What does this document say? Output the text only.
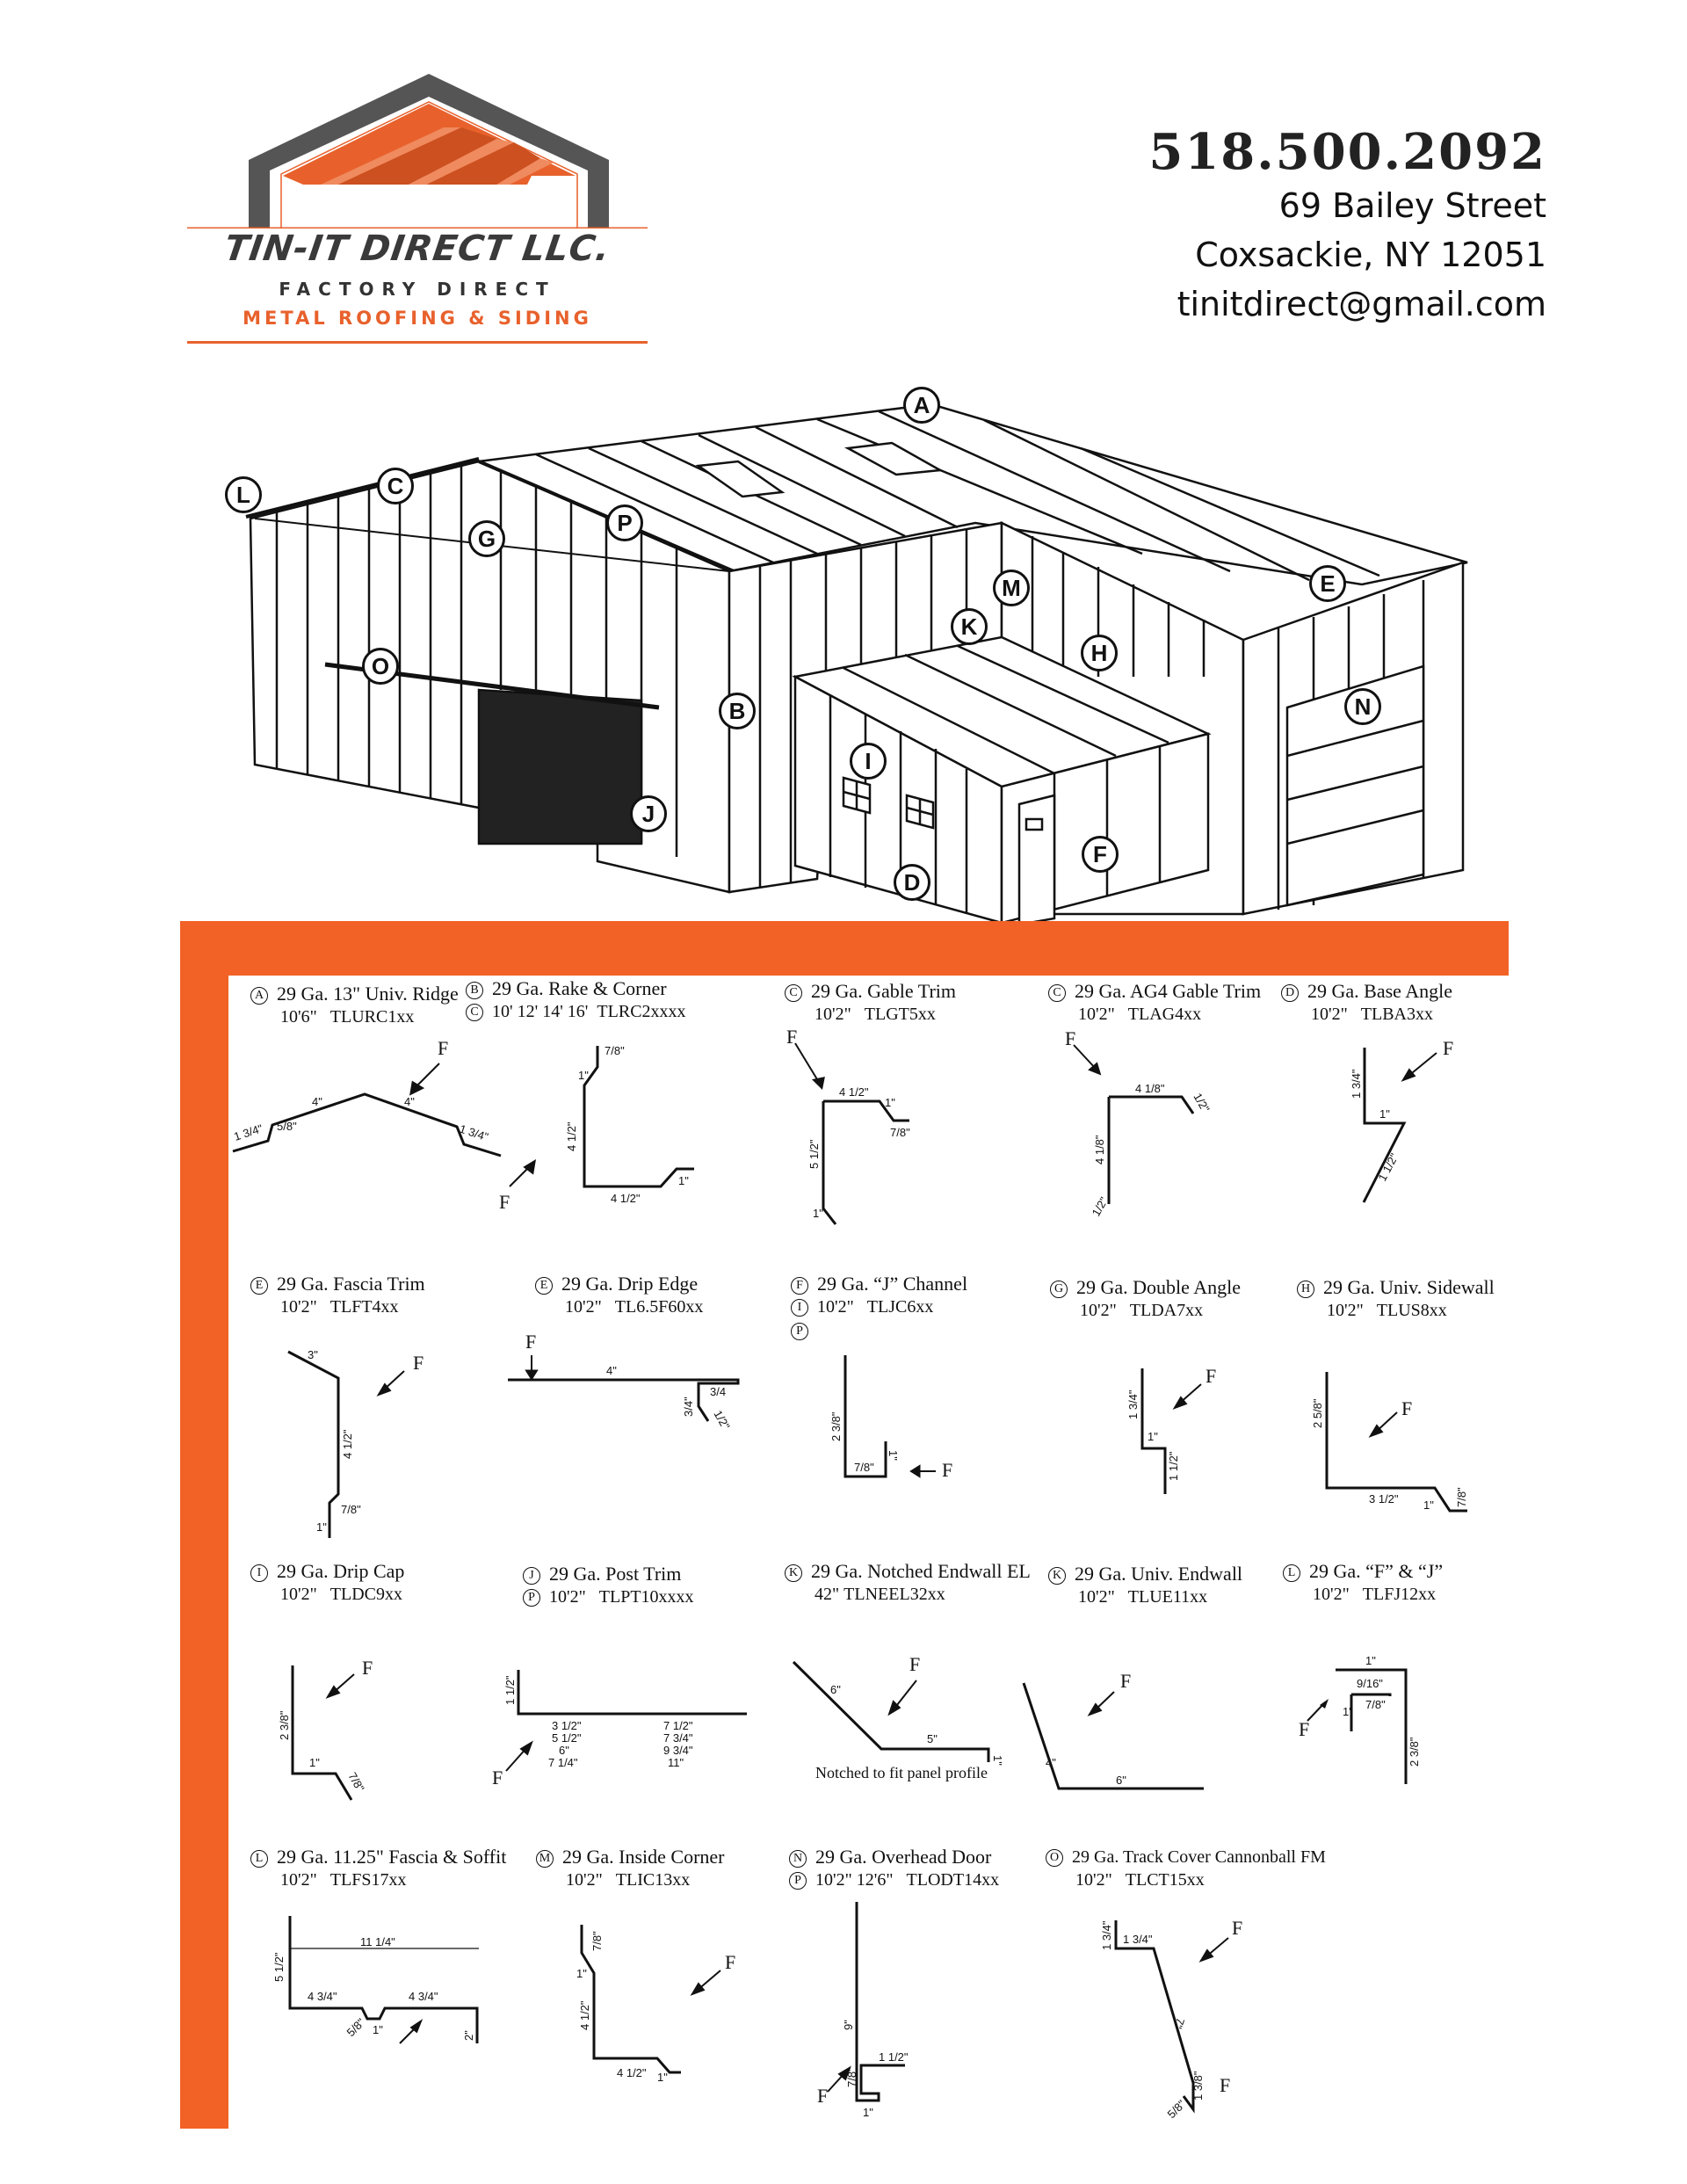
TIN-IT DIRECT LLC.
FACTORY DIRECT
METAL ROOFING & SIDING
518.500.2092
69 Bailey Street
Coxsackie, NY 12051
tinitdirect@gmail.com
A
B
C
D
E
F
G
H
I
J
K
L
M
N
O
P
A 29 Ga. 13" Univ. Ridge
10'6" TLURC1xx
F
4"	4"
1 3/4" 5/8"	1 3/4"
B 29 Ga. Rake & Corner
C 10' 12' 14' 16' TLRC2xxxx
F
7/8"
1"
4 1/2"
4 1/2"
1"
C 29 Ga. Gable Trim
10'2" TLGT5xx
F
4 1/2"
1"
7/8"
5 1/2"
1"
C 29 Ga. AG4 Gable Trim
10'2" TLAG4xx
F
4 1/8"
1/2"
4 1/8"
1/2"
D 29 Ga. Base Angle
10'2" TLBA3xx
F
1 3/4"
1"
1 1/2"
E 29 Ga. Fascia Trim
10'2" TLFT4xx
F
3"
4 1/2"
7/8"
1"
E 29 Ga. Drip Edge
10'2" TL6.5F60xx
F
4"
3/4
3/4"
1/2"
F 29 Ga. “J” Channel
I 10'2" TLJC6xx
P
F
2 3/8"
7/8"
1"
G 29 Ga. Double Angle
10'2" TLDA7xx
F
1 3/4"
1"
1 1/2"
H 29 Ga. Univ. Sidewall
10'2" TLUS8xx
F
2 5/8"
3 1/2" 1" 7/8"
I 29 Ga. Drip Cap
10'2" TLDC9xx
F
2 3/8"
1"
7/8"
J 29 Ga. Post Trim
P 10'2" TLPT10xxxx
F
1 1/2"
3 1/2"
5 1/2"
6"
7 1/4"
7 1/2"
7 3/4"
9 3/4"
11"
K 29 Ga. Notched Endwall EL
42" TLNEEL32xx
F
6"
5"
1"
Notched to fit panel profile
K 29 Ga. Univ. Endwall
10'2" TLUE11xx
F
4"
6"
L 29 Ga. “F” & “J”
10'2" TLFJ12xx
F
1"
9/16"
7/8"
1"
2 3/8"
L 29 Ga. 11.25" Fascia & Soffit
10'2" TLFS17xx
11 1/4"
5 1/2"
4 3/4"	4 3/4"
5/8" 1"	2"
M 29 Ga. Inside Corner
10'2" TLIC13xx
F
7/8"
1"
4 1/2"
4 1/2" 1"
N 29 Ga. Overhead Door
P 10'2" 12'6" TLODT14xx
F
9"
1 1/2"
7/8"
1"
O 29 Ga. Track Cover Cannonball FM
10'2" TLCT15xx
F
F
1 3/4" 1 3/4"
7"
1 3/8"
5/8"
